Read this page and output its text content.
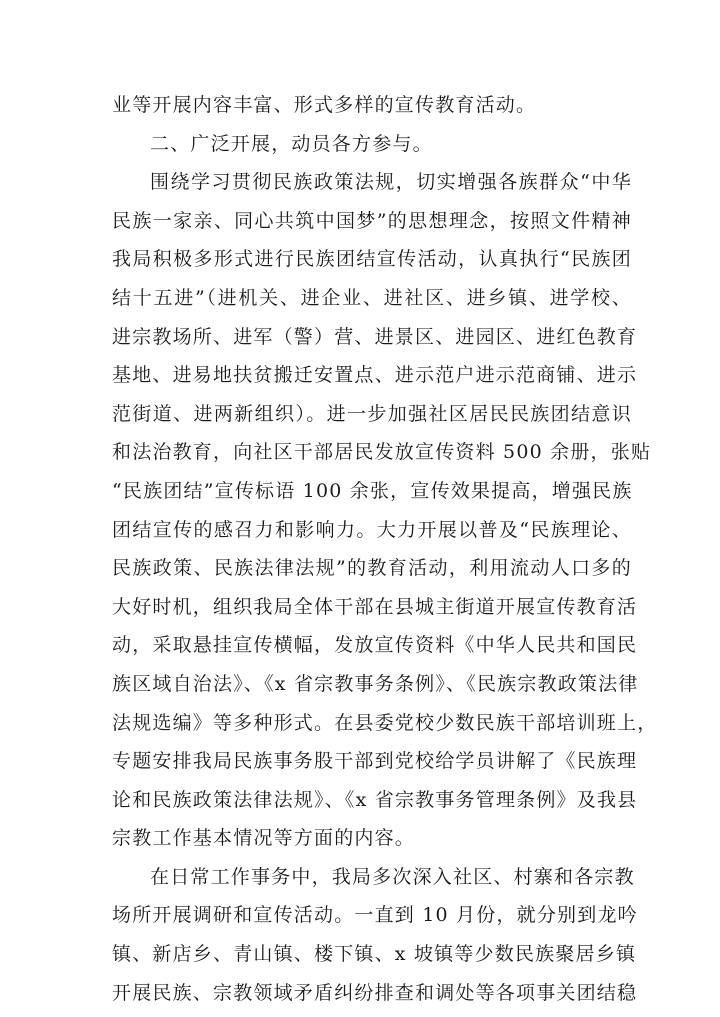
业等开展内容丰富、形式多样的宣传教育活动。
二、广泛开展，动员各方参与。
围绕学习贯彻民族政策法规，切实增强各族群众“中华
民族一家亲、同心共筑中国梦”的思想理念，按照文件精神
我局积极多形式进行民族团结宣传活动，认真执行“民族团
结十五进”（进机关、进企业、进社区、进乡镇、进学校、
进宗教场所、进军（警）营、进景区、进园区、进红色教育
基地、进易地扶贫搬迁安置点、进示范户进示范商铺、进示
范街道、进两新组织）。进一步加强社区居民民族团结意识
和法治教育，向社区干部居民发放宣传资料 500 余册，张贴
“民族团结”宣传标语 100 余张，宣传效果提高，增强民族
团结宣传的感召力和影响力。大力开展以普及“民族理论、
民族政策、民族法律法规”的教育活动，利用流动人口多的
大好时机，组织我局全体干部在县城主街道开展宣传教育活
动，采取悬挂宣传横幅，发放宣传资料《中华人民共和国民
族区域自治法》、《x 省宗教事务条例》、《民族宗教政策法律
法规选编》等多种形式。在县委党校少数民族干部培训班上，
专题安排我局民族事务股干部到党校给学员讲解了《民族理
论和民族政策法律法规》、《x 省宗教事务管理条例》及我县
宗教工作基本情况等方面的内容。
在日常工作事务中，我局多次深入社区、村寨和各宗教
场所开展调研和宣传活动。一直到 10 月份，就分别到龙吟
镇、新店乡、青山镇、楼下镇、x 坡镇等少数民族聚居乡镇
开展民族、宗教领域矛盾纠纷排查和调处等各项事关团结稳
